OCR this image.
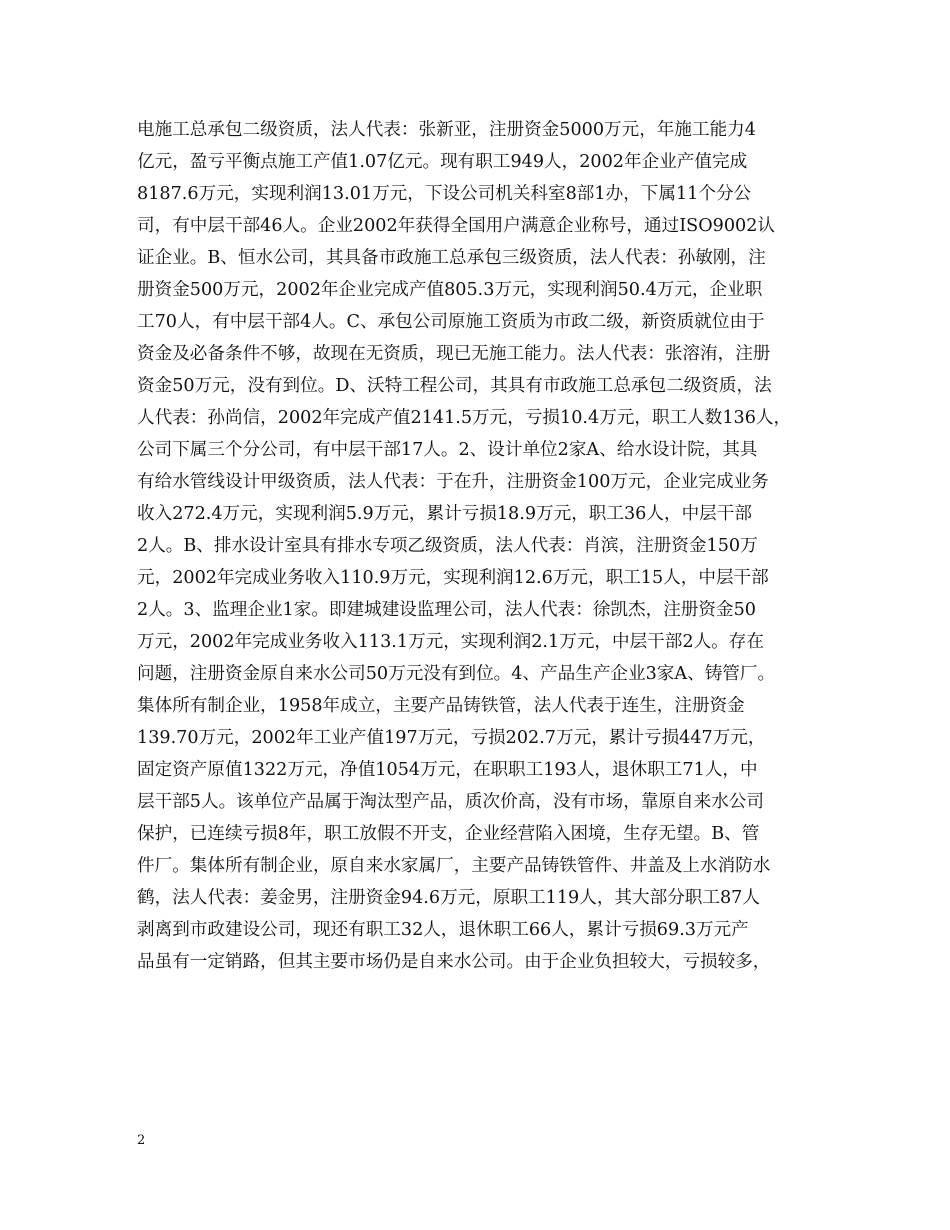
电施工总承包二级资质，法人代表：张新亚，注册资金5000万元，年施工能力4
亿元，盈亏平衡点施工产值1.07亿元。现有职工949人，2002年企业产值完成
8187.6万元，实现利润13.01万元，下设公司机关科室8部1办，下属11个分公
司，有中层干部46人。企业2002年获得全国用户满意企业称号，通过ISO9002认
证企业。B、恒水公司，其具备市政施工总承包三级资质，法人代表：孙敏刚，注
册资金500万元，2002年企业完成产值805.3万元，实现利润50.4万元，企业职
工70人，有中层干部4人。C、承包公司原施工资质为市政二级，新资质就位由于
资金及必备条件不够，故现在无资质，现已无施工能力。法人代表：张溶洧，注册
资金50万元，没有到位。D、沃特工程公司，其具有市政施工总承包二级资质，法
人代表：孙尚信，2002年完成产值2141.5万元，亏损10.4万元，职工人数136人，
公司下属三个分公司，有中层干部17人。2、设计单位2家A、给水设计院，其具
有给水管线设计甲级资质，法人代表：于在升，注册资金100万元，企业完成业务
收入272.4万元，实现利润5.9万元，累计亏损18.9万元，职工36人，中层干部
2人。B、排水设计室具有排水专项乙级资质，法人代表：肖滨，注册资金150万
元，2002年完成业务收入110.9万元，实现利润12.6万元，职工15人，中层干部
2人。3、监理企业1家。即建城建设监理公司，法人代表：徐凯杰，注册资金50
万元，2002年完成业务收入113.1万元，实现利润2.1万元，中层干部2人。存在
问题，注册资金原自来水公司50万元没有到位。4、产品生产企业3家A、铸管厂。
集体所有制企业，1958年成立，主要产品铸铁管，法人代表于连生，注册资金
139.70万元，2002年工业产值197万元，亏损202.7万元，累计亏损447万元，
固定资产原值1322万元，净值1054万元，在职职工193人，退休职工71人，中
层干部5人。该单位产品属于淘汰型产品，质次价高，没有市场，靠原自来水公司
保护，已连续亏损8年，职工放假不开支，企业经营陷入困境，生存无望。B、管
件厂。集体所有制企业，原自来水家属厂，主要产品铸铁管件、井盖及上水消防水
鹤，法人代表：姜金男，注册资金94.6万元，原职工119人，其大部分职工87人
剥离到市政建设公司，现还有职工32人，退休职工66人，累计亏损69.3万元产
品虽有一定销路，但其主要市场仍是自来水公司。由于企业负担较大，亏损较多，
2
